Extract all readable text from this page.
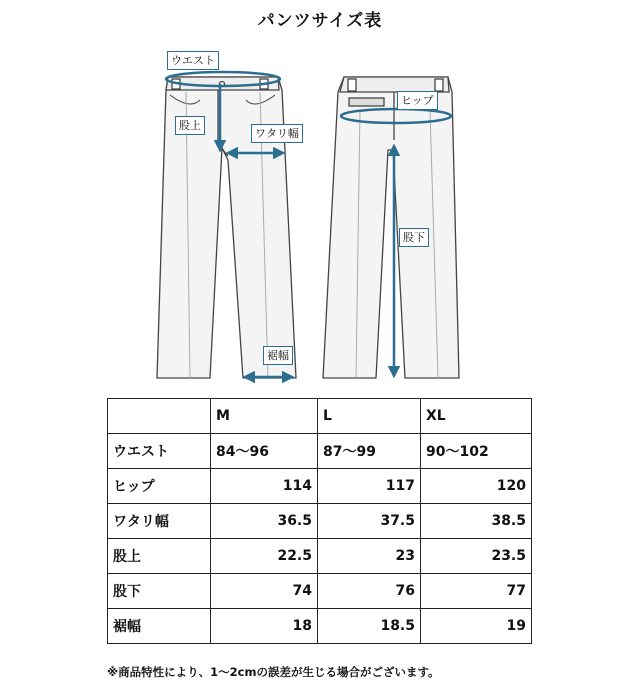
パンツサイズ表
ウエスト
股上
ワタリ幅
裾幅
ヒップ
股下
	M	L	XL
ウエスト	84〜96	87〜99	90〜102
ヒップ	114	117	120
ワタリ幅	36.5	37.5	38.5
股上	22.5	23	23.5
股下	74	76	77
裾幅	18	18.5	19
※商品特性により、1〜2cmの誤差が生じる場合がございます。
